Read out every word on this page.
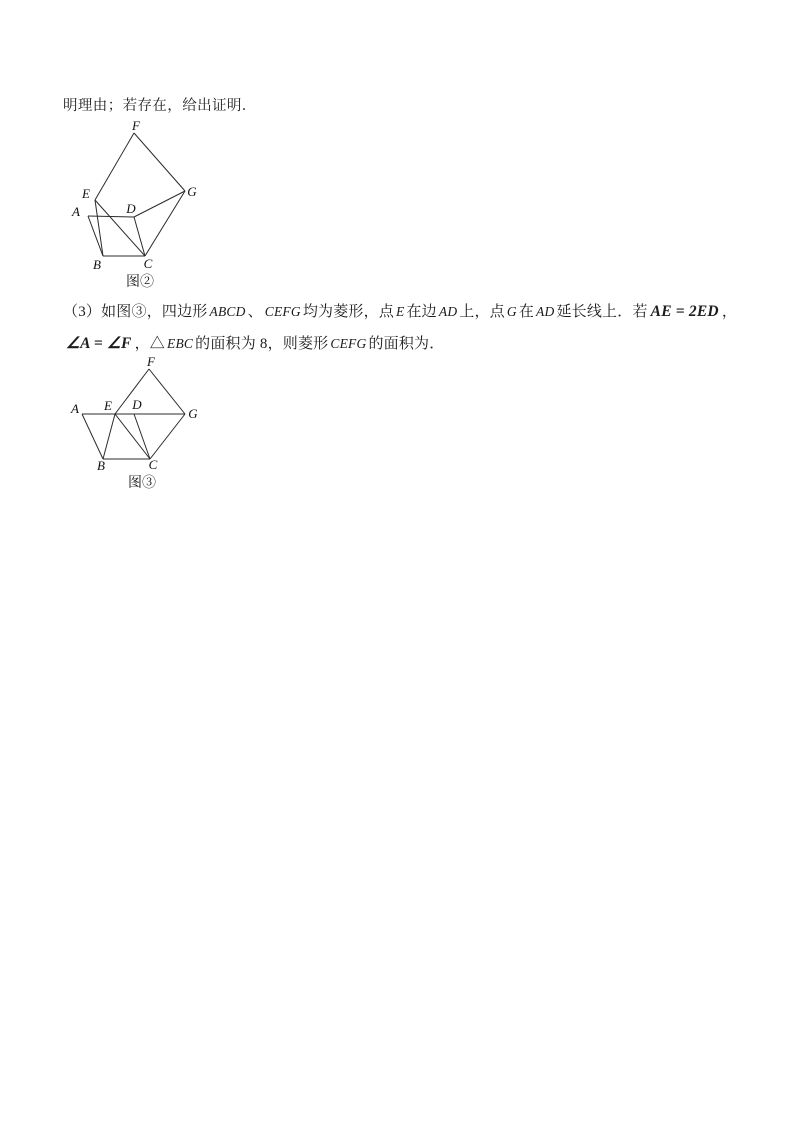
明理由；若存在，给出证明．
F
E	G
A	D
B	C
图②
（3）如图③，四边形 ABCD 、 CEFG 均为菱形，点 E 在边 AD 上，点 G 在 AD 延长线上．若 AE = 2ED ，
∠A = ∠F ，△ EBC 的面积为 8，则菱形 CEFG 的面积为．
F
A E D
G
B	C
图③
